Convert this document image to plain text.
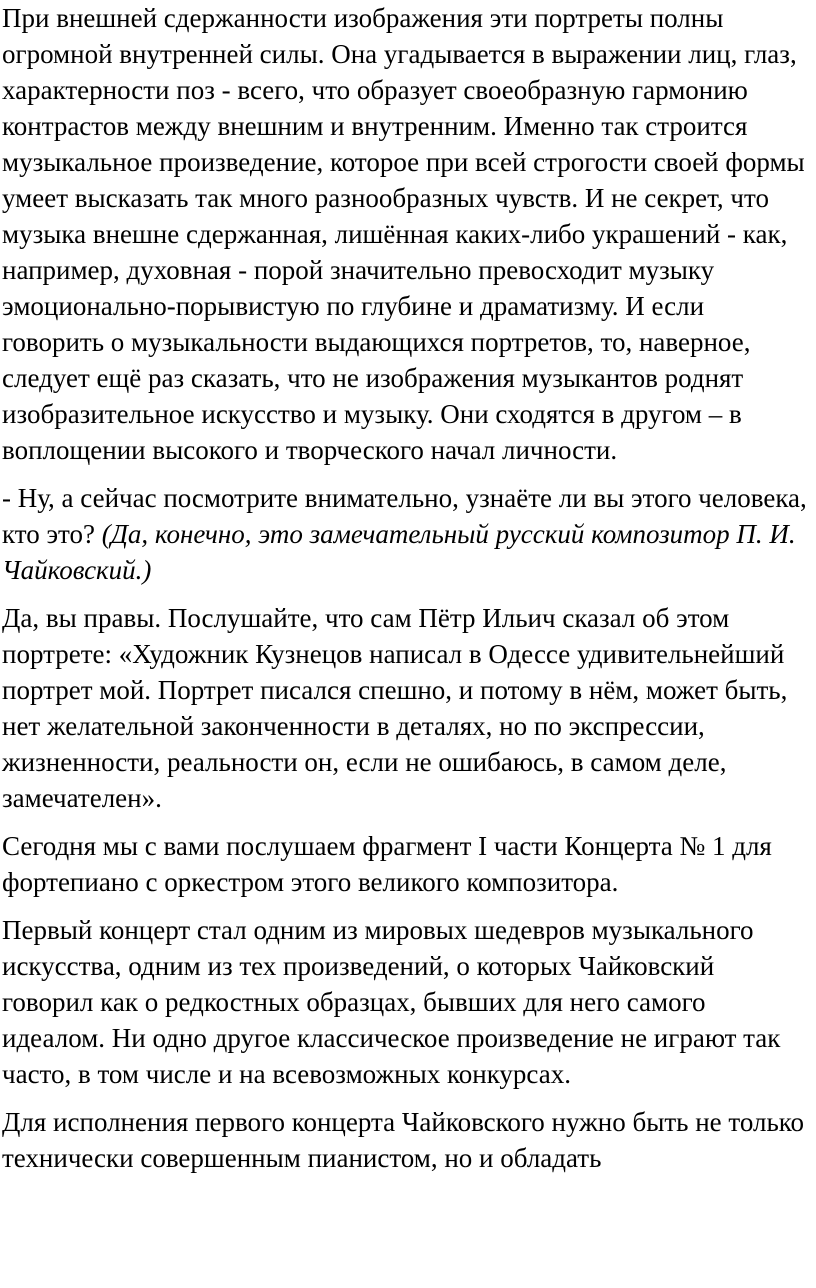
При внешней сдержанности изображения эти портреты полны огромной внутренней силы. Она угадывается в выражении лиц, глаз, характерности поз - всего, что образует своеобразную гармонию контрастов между внешним и внутренним. Именно так строится музыкальное произведение, которое при всей строгости своей формы умеет высказать так много разнообразных чувств. И не секрет, что музыка внешне сдержанная, лишённая каких-либо украшений - как, например, духовная - порой значительно превосходит музыку эмоционально-порывистую по глубине и драматизму. И если говорить о музыкальности выдающихся портретов, то, наверное, следует ещё раз сказать, что не изображения музыкантов роднят изобразительное искусство и музыку. Они сходятся в другом – в воплощении высокого и творческого начал личности.

- Ну, а сейчас посмотрите внимательно, узнаёте ли вы этого человека, кто это? (Да, конечно, это замечательный русский композитор П. И. Чайковский.)

Да, вы правы. Послушайте, что сам Пётр Ильич сказал об этом портрете: «Художник Кузнецов написал в Одессе удивительнейший портрет мой. Портрет писался спешно, и потому в нём, может быть, нет желательной законченности в деталях, но по экспрессии, жизненности, реальности он, если не ошибаюсь, в самом деле, замечателен».

Сегодня мы с вами послушаем фрагмент I части Концерта № 1 для фортепиано с оркестром этого великого композитора.

Первый концерт стал одним из мировых шедевров музыкального искусства, одним из тех произведений, о которых Чайковский говорил как о редкостных образцах, бывших для него самого идеалом. Ни одно другое классическое произведение не играют так часто, в том числе и на всевозможных конкурсах.

Для исполнения первого концерта Чайковского нужно быть не только технически совершенным пианистом, но и обладать
